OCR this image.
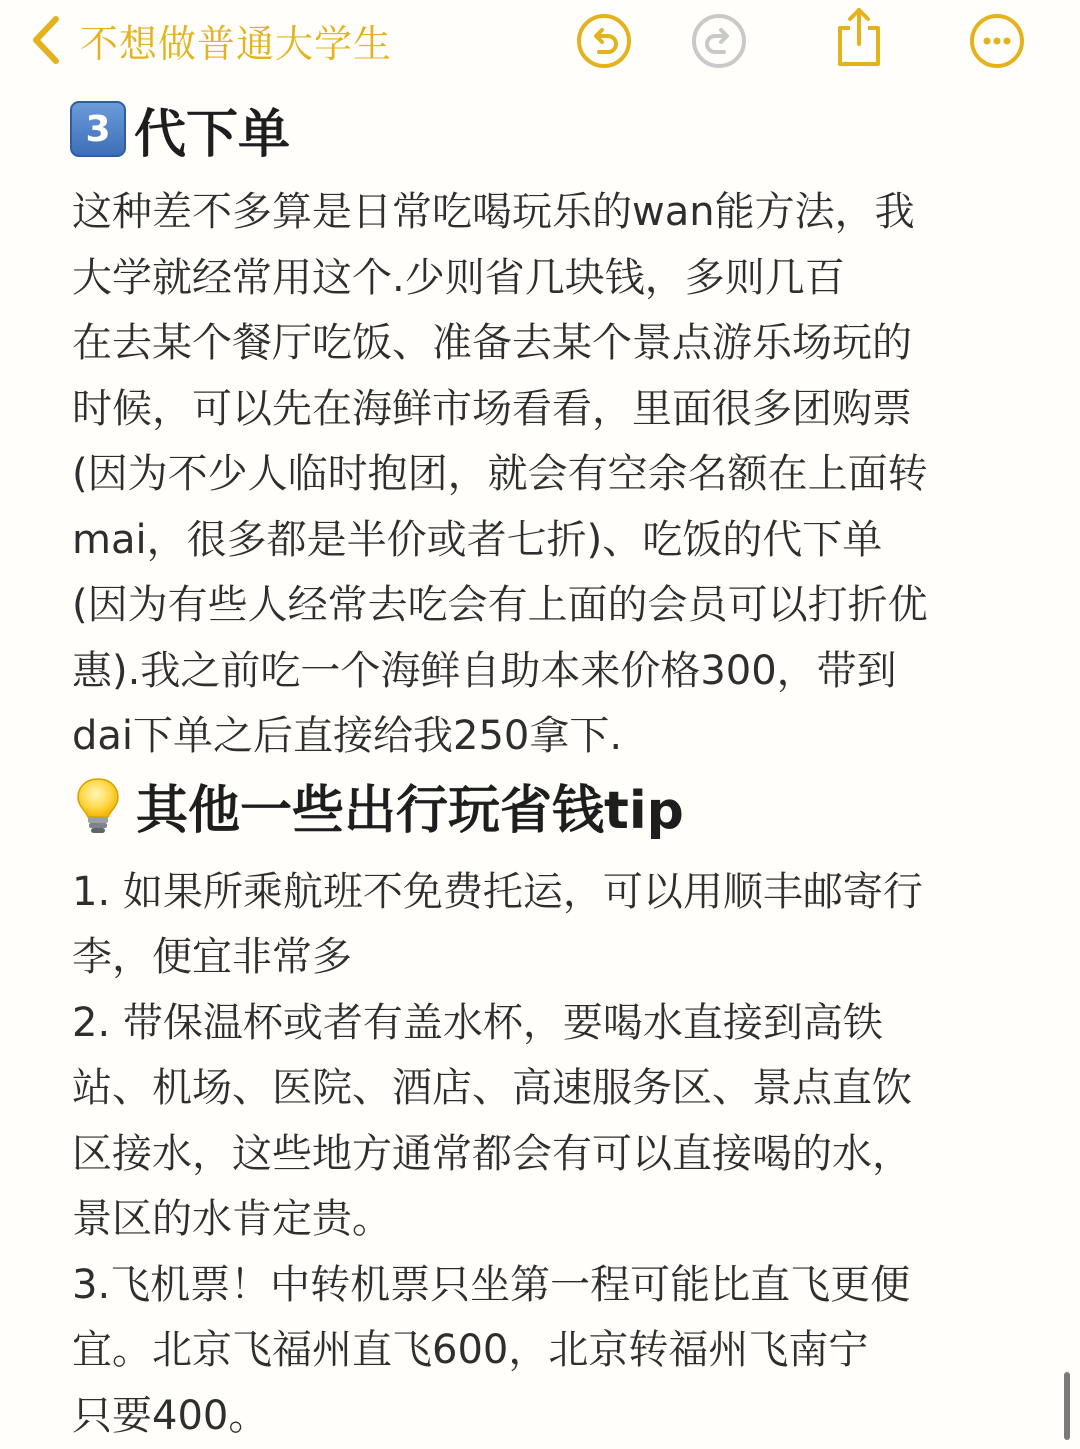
不想做普通大学生
3 代下单

这种差不多算是日常吃喝玩乐的wan能方法，我
大学就经常用这个.少则省几块钱，多则几百
在去某个餐厅吃饭、准备去某个景点游乐场玩的
时候，可以先在海鲜市场看看，里面很多团购票
(因为不少人临时抱团，就会有空余名额在上面转
mai，很多都是半价或者七折)、吃饭的代下单
(因为有些人经常去吃会有上面的会员可以打折优
惠).我之前吃一个海鲜自助本来价格300，带到
dai下单之后直接给我250拿下.

其他一些出行玩省钱tip

1. 如果所乘航班不免费托运，可以用顺丰邮寄行
李，便宜非常多
2. 带保温杯或者有盖水杯，要喝水直接到高铁
站、机场、医院、酒店、高速服务区、景点直饮
区接水，这些地方通常都会有可以直接喝的水，
景区的水肯定贵。
3.飞机票！中转机票只坐第一程可能比直飞更便
宜。北京飞福州直飞600，北京转福州飞南宁
只要400。
